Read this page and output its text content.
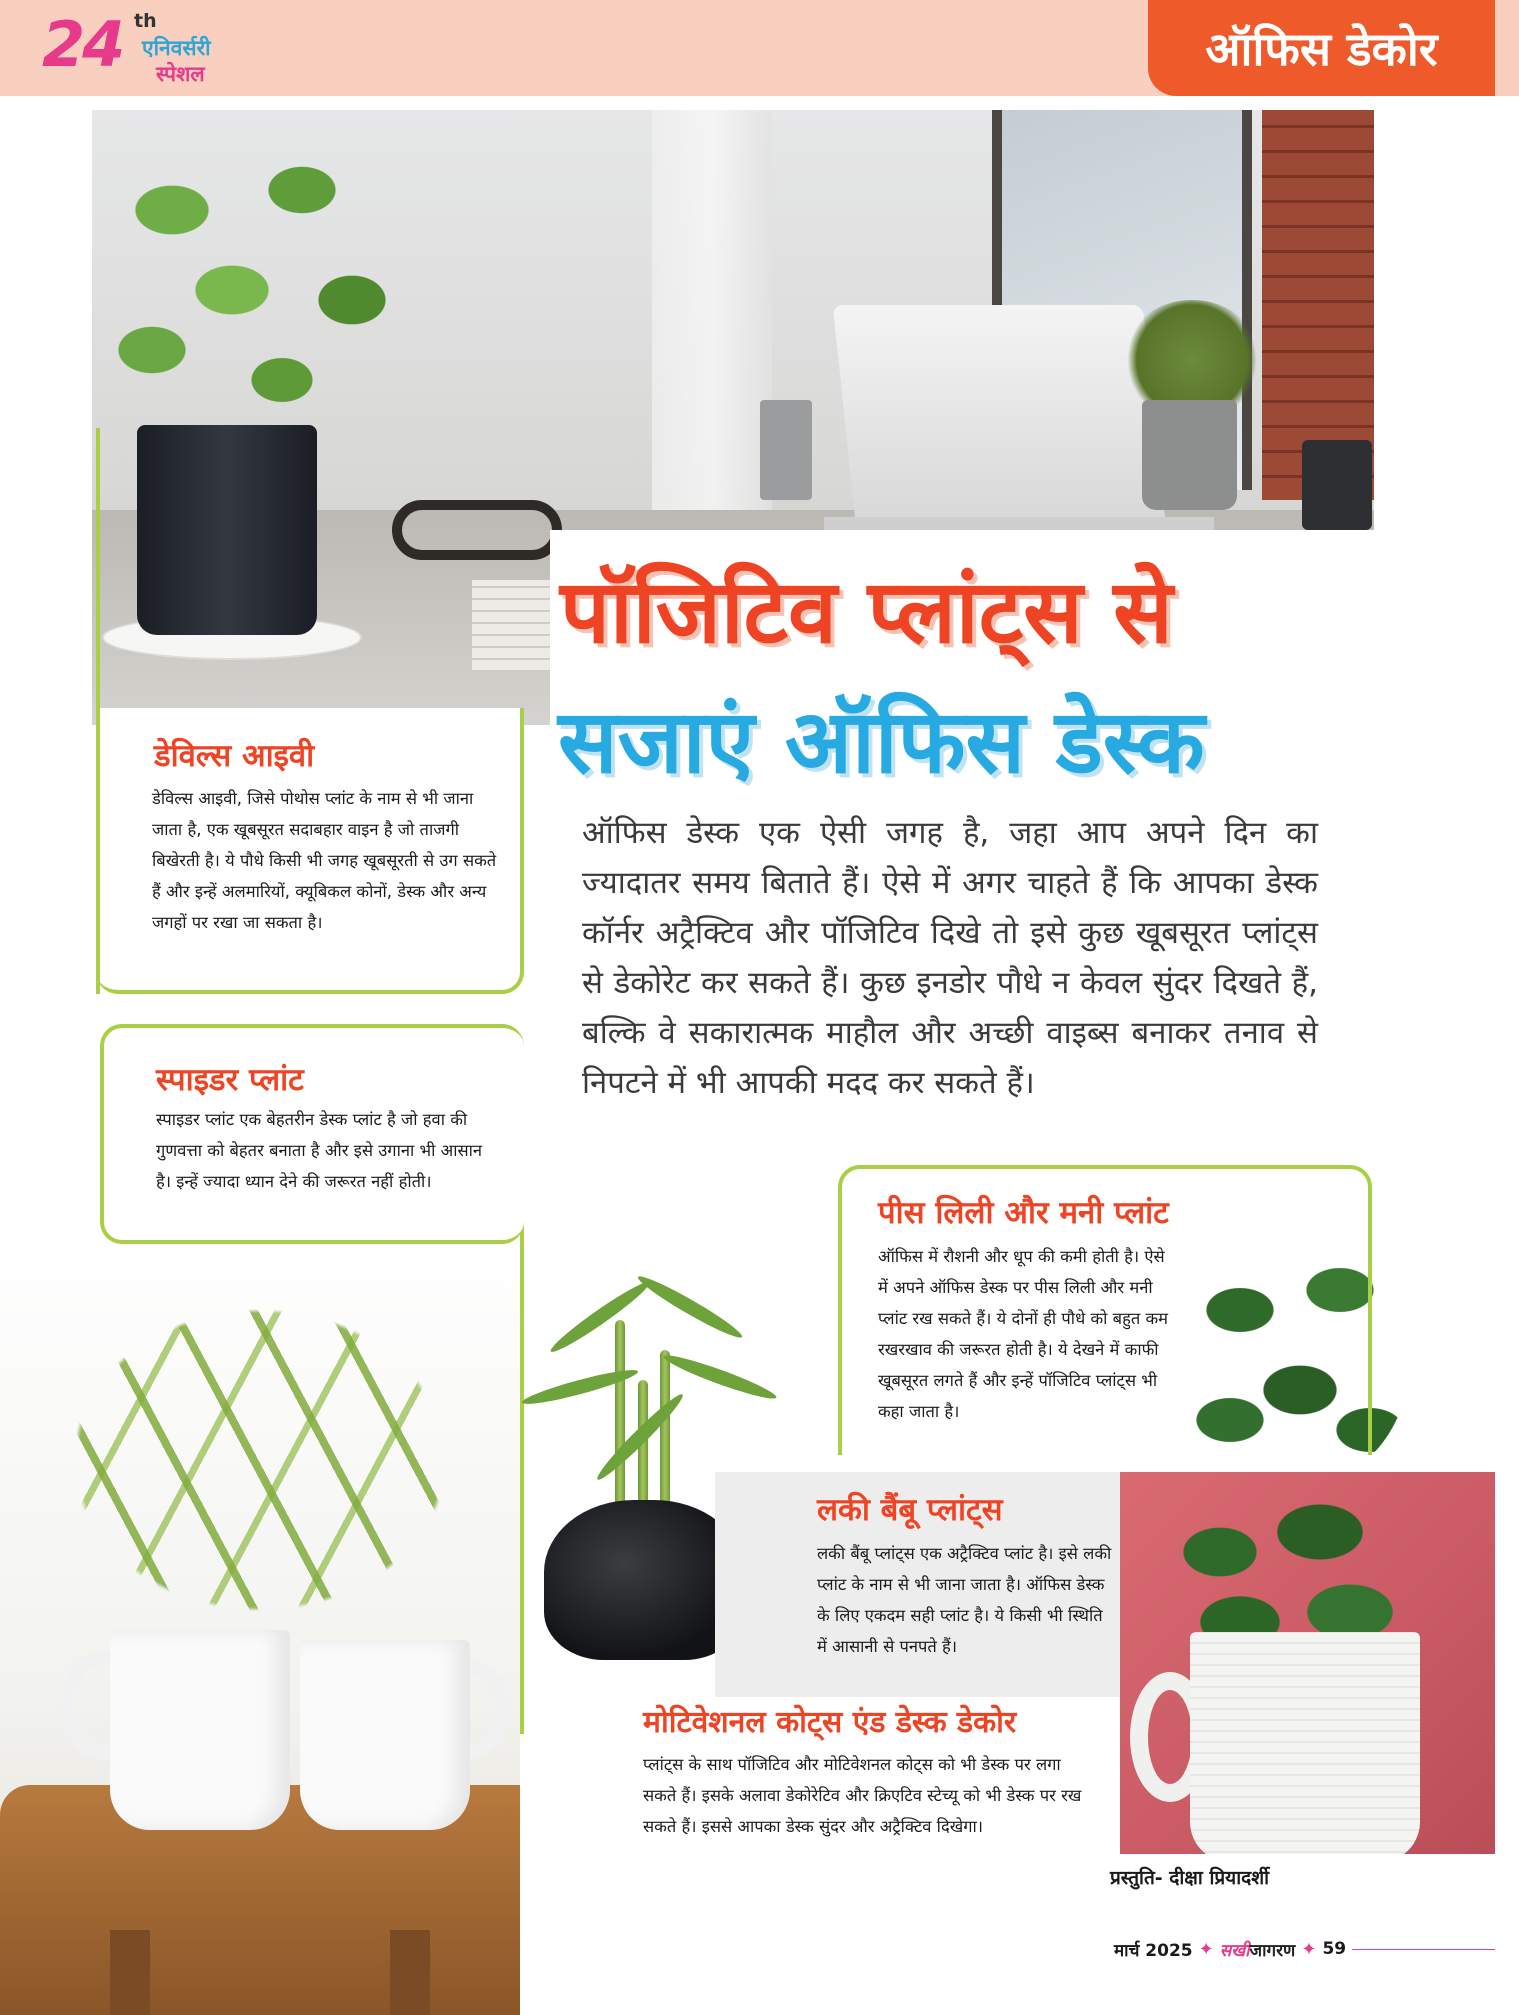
24 th
एनिवर्सरी
स्पेशल	ऑफिस डेकोर
पॉजिटिव प्लांट्स से
सजाएं ऑफिस डेस्क

ऑफिस डेस्क एक ऐसी जगह है, जहा आप अपने दिन का ज्यादातर समय बिताते हैं। ऐसे में अगर चाहते हैं कि आपका डेस्क कॉर्नर अट्रैक्टिव और पॉजिटिव दिखे तो इसे कुछ खूबसूरत प्लांट्स से डेकोरेट कर सकते हैं। कुछ इनडोर पौधे न केवल सुंदर दिखते हैं, बल्कि वे सकारात्मक माहौल और अच्छी वाइब्स बनाकर तनाव से निपटने में भी आपकी मदद कर सकते हैं।

डेविल्स आइवी

डेविल्स आइवी, जिसे पोथोस प्लांट के नाम से भी जाना जाता है, एक खूबसूरत सदाबहार वाइन है जो ताजगी बिखेरती है। ये पौधे किसी भी जगह खूबसूरती से उग सकते हैं और इन्हें अलमारियों, क्यूबिकल कोनों, डेस्क और अन्य जगहों पर रखा जा सकता है।

स्पाइडर प्लांट

स्पाइडर प्लांट एक बेहतरीन डेस्क प्लांट है जो हवा की गुणवत्ता को बेहतर बनाता है और इसे उगाना भी आसान है। इन्हें ज्यादा ध्यान देने की जरूरत नहीं होती।

पीस लिली और मनी प्लांट

ऑफिस में रौशनी और धूप की कमी होती है। ऐसे में अपने ऑफिस डेस्क पर पीस लिली और मनी प्लांट रख सकते हैं। ये दोनों ही पौधे को बहुत कम रखरखाव की जरूरत होती है। ये देखने में काफी खूबसूरत लगते हैं और इन्हें पॉजिटिव प्लांट्स भी कहा जाता है।

लकी बैंबू प्लांट्स

लकी बैंबू प्लांट्स एक अट्रैक्टिव प्लांट है। इसे लकी प्लांट के नाम से भी जाना जाता है। ऑफिस डेस्क के लिए एकदम सही प्लांट है। ये किसी भी स्थिति में आसानी से पनपते हैं।

मोटिवेशनल कोट्स एंड डेस्क डेकोर

प्लांट्स के साथ पॉजिटिव और मोटिवेशनल कोट्स को भी डेस्क पर लगा सकते हैं। इसके अलावा डेकोरेटिव और क्रिएटिव स्टेच्यू को भी डेस्क पर रख सकते हैं। इससे आपका डेस्क सुंदर और अट्रैक्टिव दिखेगा।

प्रस्तुति- दीक्षा प्रियादर्शी
मार्च 2025 ✦ सखीजागरण ✦ 59
